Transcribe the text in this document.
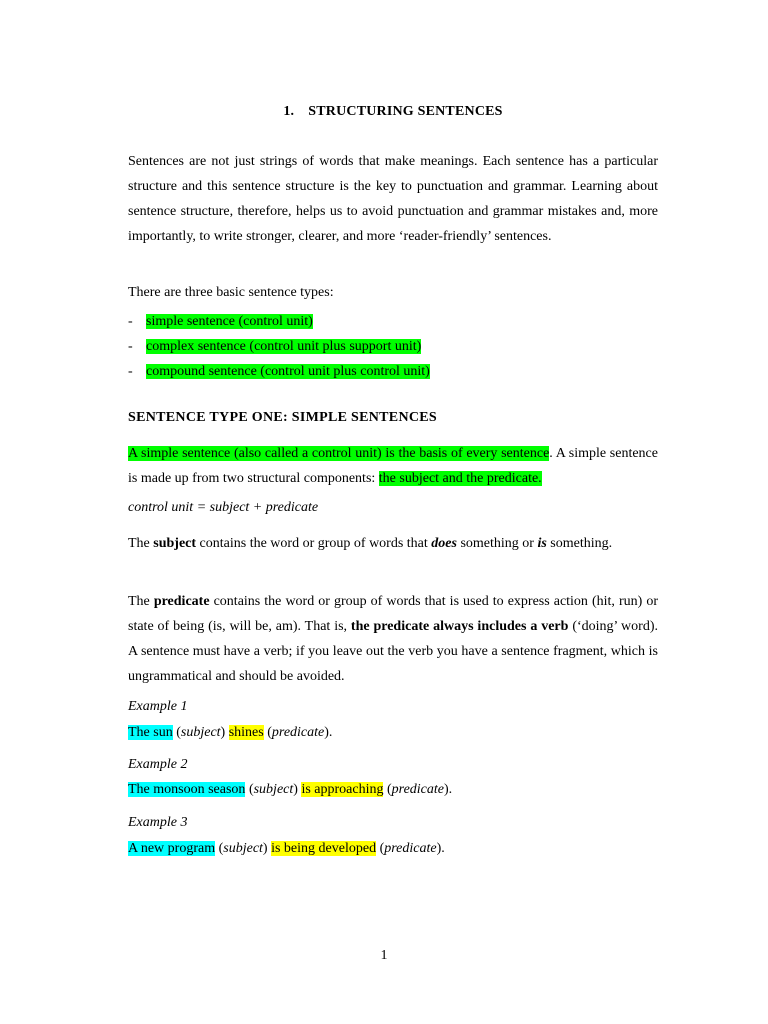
1. STRUCTURING SENTENCES
Sentences are not just strings of words that make meanings. Each sentence has a particular structure and this sentence structure is the key to punctuation and grammar. Learning about sentence structure, therefore, helps us to avoid punctuation and grammar mistakes and, more importantly, to write stronger, clearer, and more ‘reader-friendly’ sentences.
There are three basic sentence types:
- simple sentence (control unit)
- complex sentence (control unit plus support unit)
- compound sentence (control unit plus control unit)
SENTENCE TYPE ONE: SIMPLE SENTENCES
A simple sentence (also called a control unit) is the basis of every sentence. A simple sentence is made up from two structural components: the subject and the predicate.
control unit = subject + predicate
The subject contains the word or group of words that does something or is something.
The predicate contains the word or group of words that is used to express action (hit, run) or state of being (is, will be, am). That is, the predicate always includes a verb (‘doing’ word). A sentence must have a verb; if you leave out the verb you have a sentence fragment, which is ungrammatical and should be avoided.
Example 1
The sun (subject) shines (predicate).
Example 2
The monsoon season (subject) is approaching (predicate).
Example 3
A new program (subject) is being developed (predicate).
1
